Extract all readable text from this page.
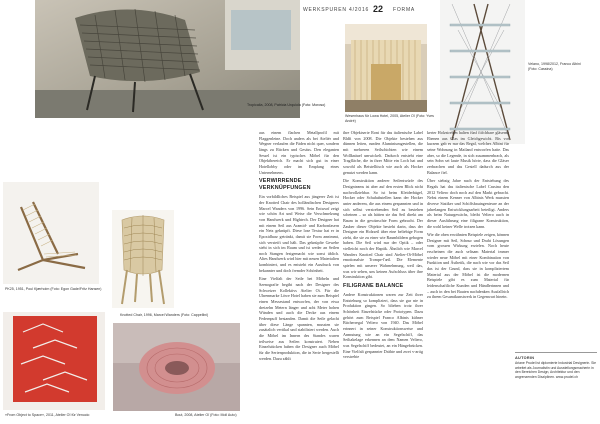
WERKSPUREN 4/2016 22 FORMA
Tropicalia, 2008, Patricia Urquiola (Foto: Moroso)
PK25, 1951, Poul Kjærholm (Foto: Egon Gade/Fritz Hansen)
Knotted Chair, 1996, Marcel Wanders (Foto: Cappellini)
«From Object to Space», 2011, Atelier Oï für Venucio	Bout, 2008, Atelier Oï (Foto: Moll Auto)
Wesenhaus für Lowa Hotel, 2005, Atelier Oï (Foto: Yves André)
Velano, 1998/2012, Franco Albini (Foto: Cassina)

aus einem flachen Metallprofil mit Flaggenleine. Doch anders als bei Ateliér und Wegner verlaufen die Fäden nicht quer, sondern längs zu Rücken und Gesäss. Den eleganten Sessel ist ein typisches Möbel für den Objektbereich. Er macht sich gut in einer Hotellobby oder im Empfang eines Unternehmens.

VERWIRRENDE VERKNÜPFUNGEN

Ein vorbildliches Beispiel aus jüngerer Zeit ist der Knotted Chair des holländischen Designers Marcel Wanders von 1996. Sein Entwurf zeigt wie schön Art und Weise die Verschmelzung von Handwerk und Hightech. Der Designer hat mit einem Seil aus Aramid- und Karbonfasern ein Netz geknüpft. Diese lose Textur hat er in Epoxidharz getränkt, damit sie Form annimmt, sich versteift und hält. Das geknüpfte Gewebe steht in sich im Raum und ist weder an Seilen noch Stangen festgemacht wie sonst üblich. Altes Handwerk wird hier mit neuen Materialien kombiniert, und es entsteht ein Ausdruck von bekannter und doch fremder Schönheit.

Eine Vielfalt der Seile bei Möbeln und Szenografie begibt nach der Designer des Schweizer Kollektivs Atelier Oï. Für die Uhrenmarke Löwe Hotel haben sie zum Beispiel einen Messestand entworfen, der von etwa dreizehn Metern länger und acht Meter hohen Wänden und auch die Decke aus einem Federnpuff bestanden. Damit die Seile gelacht über diese Länge spannten, mussten sie zusätzlich vertikal und stabilisiert werden. Auch die Möbel im Innern des Standes waren teilweise aus Seilen konstruiert. Neben Einzelstücken haben die Designer auch Möbel für die Serienproduktion, die in Serie hergestellt werden. Dazu zählt

ihre Objektserie Roni für das italienische Label Bldfi von 2008. Die Objekte bestehen aus dünnen Ieiten, runden Aluminiumgestellen, die mit mehreren Seilschichten wie einem Wollknäuel umwickelt. Dadurch entsteht eine Tragfläche, die in ihrer Mitte ein Loch hat und sowohl als Beistelltisch wie auch als Hocker genutzt werden kann.

Die Konstruktion anderer Seilentwürfe des Designteams ist aber auf den ersten Blick nicht nachvollziehbar. So ist beim Kleiderbügel, Hocker oder Schuhabstellen kann der Hocker unter anderem, die aus einem gespannten und in sich selbst verstrebenden Seil zu bestehen scheinen – so als hätten sie das Seil direkt am Baum in die gewünschte Form gebracht. Der Zauber dieser Objekte besteht darin, dass der Designer ein Holzseil über eine beliebige Form zieht, die sie zu einer wie Raumbildern gebogen haben. Die Seil wird nur der Optik – oder vielleicht noch der Haptik. Ähnlich wie Marcel Wanders Knotted Chair sind Atelier-Oï-Möbel emotionalste Trompe-l'œil. Die Elemente spielen mit unserer Wahrnehmung, weil das, was wir sehen, uns keinen Aufschluss über ihre Konstruktion gibt.

FILIGRANE BALANCE

Andere Konstruktionen waren zur Zeit ihrer Entstehung so kompliziert, dass sie gar nie in Produktion gingen. So blieben trotz ihrer Schönheit Einzelstücke oder Prototypen. Dazu gehört zum Beispiel Franco Albinis kühner Bücherregal Veliero von 1940. Das Möbel erinnert in seiner Konstruktionsweise und Anmutung wie an ein Segelschiff, das Seiltakelage erkennen an dem Namen Veliero, was Segelschiff bedeutet, an ein Hängebrücken. Eine Vielfalt gespannter Drähte und zwei v-artig verstrebte

kerter Holzstreben halten fünf fiifchbare gläserne Ebenen aus Glas im Gleichgewicht. Bis vor kurzem gab es nur das Regal, welches Albini für seine Wohnung in Mailand entworfen hatte. Das aber, so die Legende, in sich zusammenbrach, als sein Sohn sei laute Musik hörte, dass die Gläser zerbrachen und das Gestell dadurch aus der Balance fiel.

Über siebzig Jahre nach der Entstehung des Regals hat das italienische Label Cassina den 2012 Veliero doch noch auf den Markt gebracht. Nebst einem Kenner von Albinis Werk mussten diverse Statiker und Schiffsbauingenieure an der jahrelangen Entwicklungsarbeit beteiligt. Anders als beim Naturgewächs, bleibt Veliero auch in dieser Ausführung eine filigrane Konstruktion, die wohl keiner Welle trotzen kann.

Wie die oben erwähnten Beispiele zeigen, können Designer mit Seil, Schnur und Draht Lösungen vom grossen Wirkung erzielen. Noch heute erscheinen die auch seltsam Material immer wieder neue Möbel mit einer Kombination von Funktion und Ästhetik, die nach wie vor das Seil das ist der Grund, dass sie in kompliziertem Material aus der Möbel ist die modernen Beispiele gibt es zum Material für leidenschaftliche Kunden und Händlerinnen und – auch in den bei Bauten nachdenken Ausfallrich zu ihrem Gesamtkunstwerk in Gegenwart hinein.

AUTORIN
Ariane Prudel ist diplomierte Industrial Designerin. Sie arbeitet als Journalistin und Ausstellungsmacherin in den Bereichen Design, Architektur und den angrenzenden Disziplinen. www.prudel.ch
